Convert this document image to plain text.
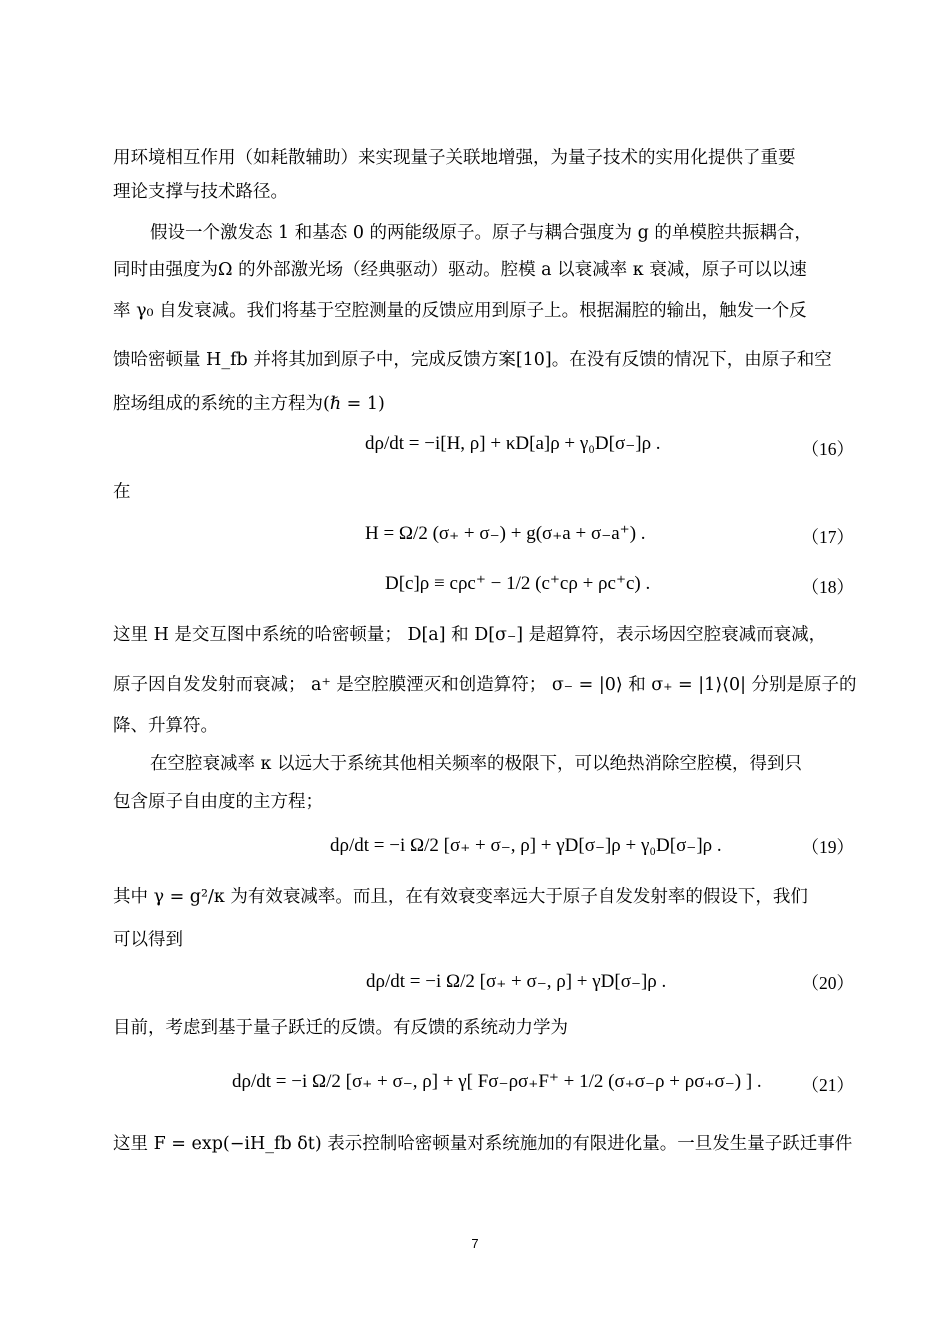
用环境相互作用（如耗散辅助）来实现量子关联地增强，为量子技术的实用化提供了重要
理论支撑与技术路径。
假设一个激发态 1 和基态 0 的两能级原子。原子与耦合强度为 g 的单模腔共振耦合，
同时由强度为Ω 的外部激光场（经典驱动）驱动。腔模 a 以衰减率 κ 衰减，原子可以以速
率 γ₀ 自发衰减。我们将基于空腔测量的反馈应用到原子上。根据漏腔的输出，触发一个反
馈哈密顿量 H_fb 并将其加到原子中，完成反馈方案[10]。在没有反馈的情况下，由原子和空
腔场组成的系统的主方程为(ℏ = 1)
dρ/dt = −i[H, ρ] + κD[a]ρ + γ₀D[σ₋]ρ .	（16）
在
H = Ω/2 (σ₊ + σ₋) + g(σ₊a + σ₋a⁺) .	（17）
D[c]ρ ≡ cρc⁺ − 1/2 (c⁺cρ + ρc⁺c) .	（18）
这里 H 是交互图中系统的哈密顿量； D[a] 和 D[σ₋] 是超算符，表示场因空腔衰减而衰减，
原子因自发发射而衰减； a⁺ 是空腔膜湮灭和创造算符； σ₋ = |0⟩ 和 σ₊ = |1⟩⟨0| 分别是原子的
降、升算符。
在空腔衰减率 κ 以远大于系统其他相关频率的极限下，可以绝热消除空腔模，得到只
包含原子自由度的主方程；
dρ/dt = −i Ω/2 [σ₊ + σ₋, ρ] + γD[σ₋]ρ + γ₀D[σ₋]ρ .	（19）
其中 γ = g²/κ 为有效衰减率。而且，在有效衰变率远大于原子自发发射率的假设下，我们
可以得到
dρ/dt = −i Ω/2 [σ₊ + σ₋, ρ] + γD[σ₋]ρ .	（20）
目前，考虑到基于量子跃迁的反馈。有反馈的系统动力学为
dρ/dt = −i Ω/2 [σ₊ + σ₋, ρ] + γ[ Fσ₋ρσ₊F⁺ + 1/2 (σ₊σ₋ρ + ρσ₊σ₋) ] . （21）
这里 F = exp(−iH_fb δt) 表示控制哈密顿量对系统施加的有限进化量。一旦发生量子跃迁事件
7
